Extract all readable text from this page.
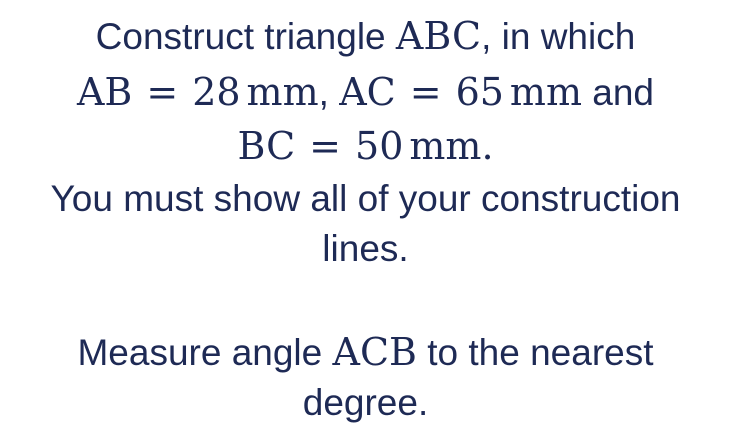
Construct triangle ABC, in which
AB = 28 mm, AC = 65 mm and
BC = 50 mm.
You must show all of your construction
lines.
Measure angle ACB to the nearest
degree.
